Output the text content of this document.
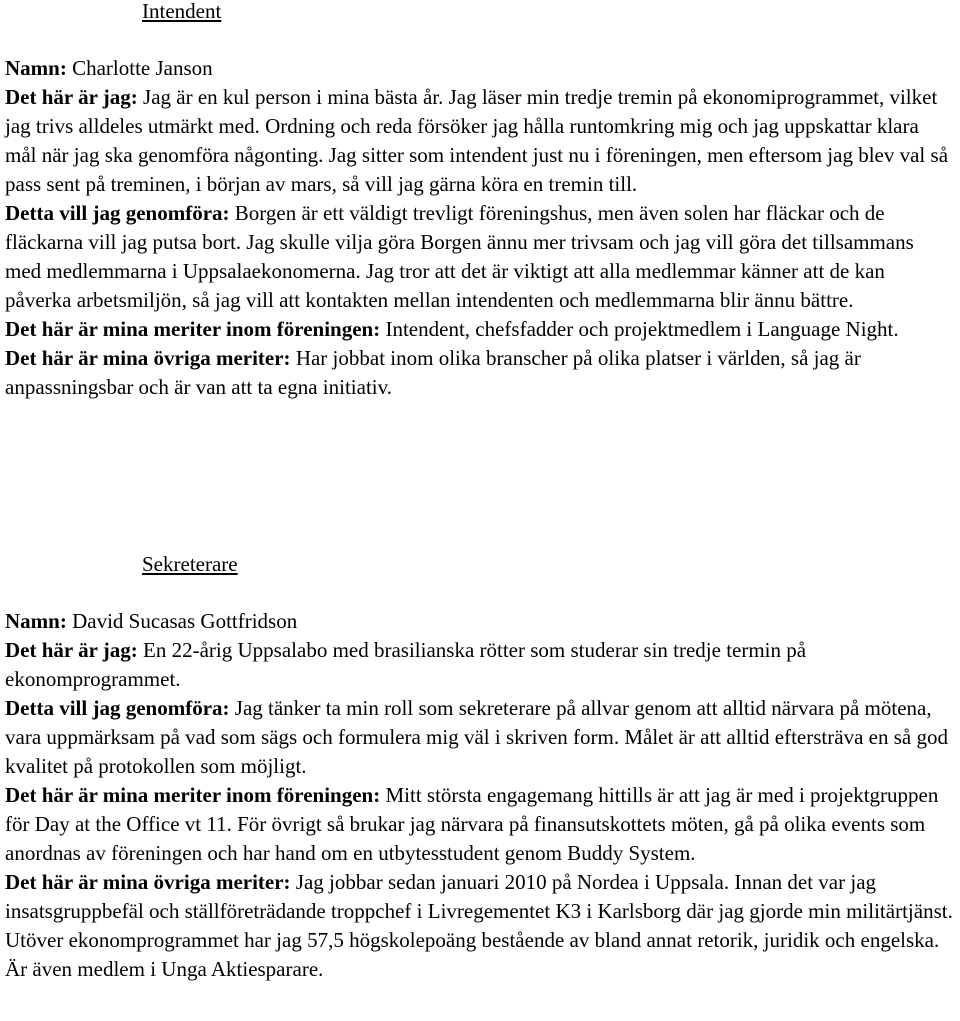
Intendent

Namn: Charlotte Janson

Det här är jag: Jag är en kul person i mina bästa år. Jag läser min tredje tremin på ekonomiprogrammet, vilket jag trivs alldeles utmärkt med. Ordning och reda försöker jag hålla runtomkring mig och jag uppskattar klara mål när jag ska genomföra någonting. Jag sitter som intendent just nu i föreningen, men eftersom jag blev val så pass sent på treminen, i början av mars, så vill jag gärna köra en tremin till.

Detta vill jag genomföra: Borgen är ett väldigt trevligt föreningshus, men även solen har fläckar och de fläckarna vill jag putsa bort. Jag skulle vilja göra Borgen ännu mer trivsam och jag vill göra det tillsammans med medlemmarna i Uppsalaekonomerna. Jag tror att det är viktigt att alla medlemmar känner att de kan påverka arbetsmiljön, så jag vill att kontakten mellan intendenten och medlemmarna blir ännu bättre.

Det här är mina meriter inom föreningen: Intendent, chefsfadder och projektmedlem i Language Night.

Det här är mina övriga meriter: Har jobbat inom olika branscher på olika platser i världen, så jag är anpassningsbar och är van att ta egna initiativ.

Sekreterare

Namn: David Sucasas Gottfridson

Det här är jag: En 22-årig Uppsalabo med brasilianska rötter som studerar sin tredje termin på ekonomprogrammet.

Detta vill jag genomföra: Jag tänker ta min roll som sekreterare på allvar genom att alltid närvara på mötena, vara uppmärksam på vad som sägs och formulera mig väl i skriven form. Målet är att alltid eftersträva en så god kvalitet på protokollen som möjligt.

Det här är mina meriter inom föreningen: Mitt största engagemang hittills är att jag är med i projektgruppen för Day at the Office vt 11. För övrigt så brukar jag närvara på finansutskottets möten, gå på olika events som anordnas av föreningen och har hand om en utbytesstudent genom Buddy System.

Det här är mina övriga meriter: Jag jobbar sedan januari 2010 på Nordea i Uppsala. Innan det var jag insatsgruppbefäl och ställföreträdande troppchef i Livregementet K3 i Karlsborg där jag gjorde min militärtjänst. Utöver ekonomprogrammet har jag 57,5 högskolepoäng bestående av bland annat retorik, juridik och engelska. Är även medlem i Unga Aktiesparare.
